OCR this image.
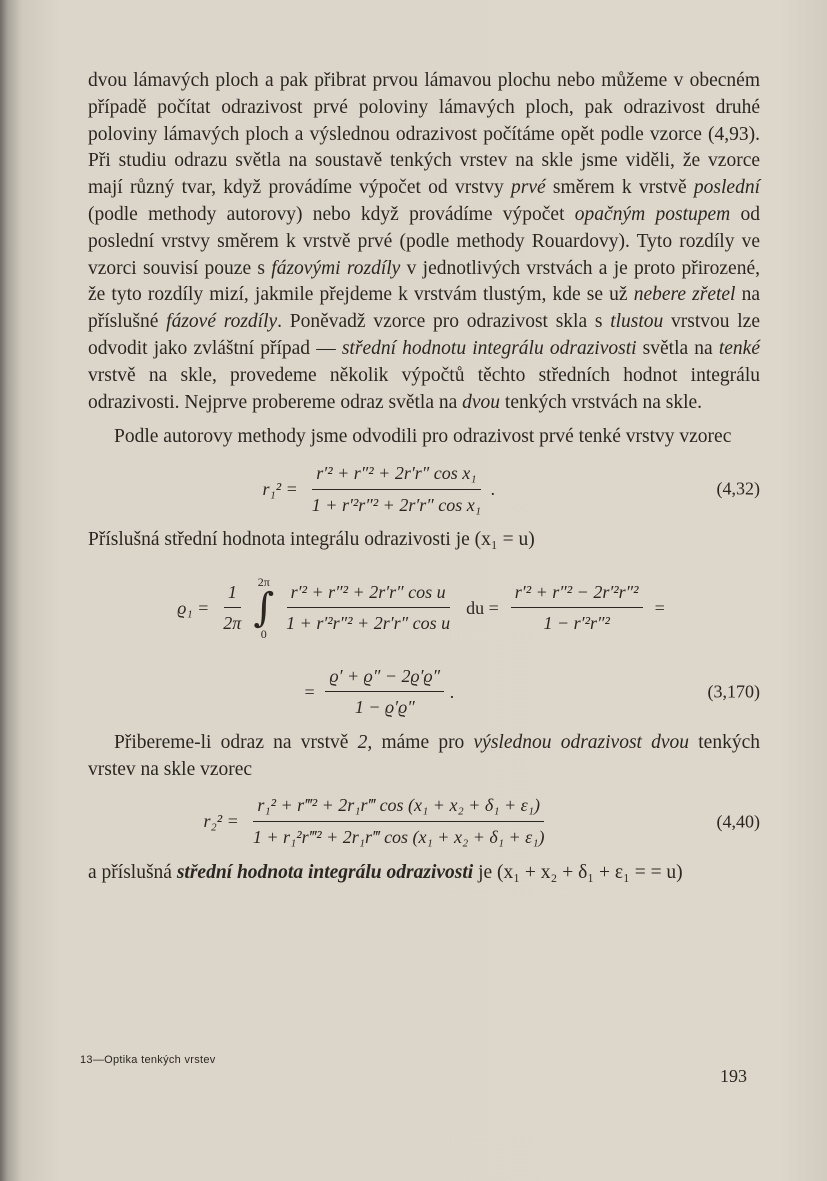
dvou lámavých ploch a pak přibrat prvou lámavou plochu nebo můžeme v obecném případě počítat odrazivost prvé poloviny lámavých ploch, pak odrazivost druhé poloviny lámavých ploch a výslednou odrazivost počítáme opět podle vzorce (4,93). Při studiu odrazu světla na soustavě tenkých vrstev na skle jsme viděli, že vzorce mají různý tvar, když provádíme výpočet od vrstvy prvé směrem k vrstvě poslední (podle methody autorovy) nebo když provádíme výpočet opačným postupem od poslední vrstvy směrem k vrstvě prvé (podle methody Rouardovy). Tyto rozdíly ve vzorci souvisí pouze s fázovými rozdíly v jednotlivých vrstvách a je proto přirozené, že tyto rozdíly mizí, jakmile přejdeme k vrstvám tlustým, kde se už nebere zřetel na příslušné fázové rozdíly. Poněvadž vzorce pro odrazivost skla s tlustou vrstvou lze odvodit jako zvláštní případ — střední hodnotu integrálu odrazivosti světla na tenké vrstvě na skle, provedeme několik výpočtů těchto středních hodnot integrálu odrazivosti. Nejprve probereme odraz světla na dvou tenkých vrstvách na skle.

Podle autorovy methody jsme odvodili pro odrazivost prvé tenké vrstvy vzorec

$r_1^2 = \frac{\text{r′² + r″² + 2r′r″ cos x₁}}{\text{1 + r′²r″² + 2r′r″ cos x₁}}$ .	(4,32)

Příslušná střední hodnota integrálu odrazivosti je (x₁ = u)

$ϱ_1 = \frac{1}{2\pi} 2\pi$
∫
$0 \frac{\text{r′² + r″² + 2r′r″ cos u}}{\text{1 + r′²r″² + 2r′r″ cos u}}$ du = $\frac{\text{r′² + r″² − 2r′²r″²}}{\text{1 − r′²r″²}}$ =
= $\frac{ϱ' + ϱ'' - 2ϱ'ϱ''}{1 - ϱ'ϱ''}$ .	(3,170)

Přibereme-li odraz na vrstvě 2, máme pro výslednou odrazivost dvou tenkých vrstev na skle vzorec

$r_2^2 = \frac{\text{r₁² + r‴² + 2r₁r‴ cos (x₁ + x₂ + δ₁ + ε₁)}}{\text{1 + r₁²r‴² + 2r₁r‴ cos (x₁ + x₂ + δ₁ + ε₁)}}$	(4,40)

a příslušná střední hodnota integrálu odrazivosti je (x₁ + x₂ + δ₁ + ε₁ = = u)

13—Optika tenkých vrstev
193
